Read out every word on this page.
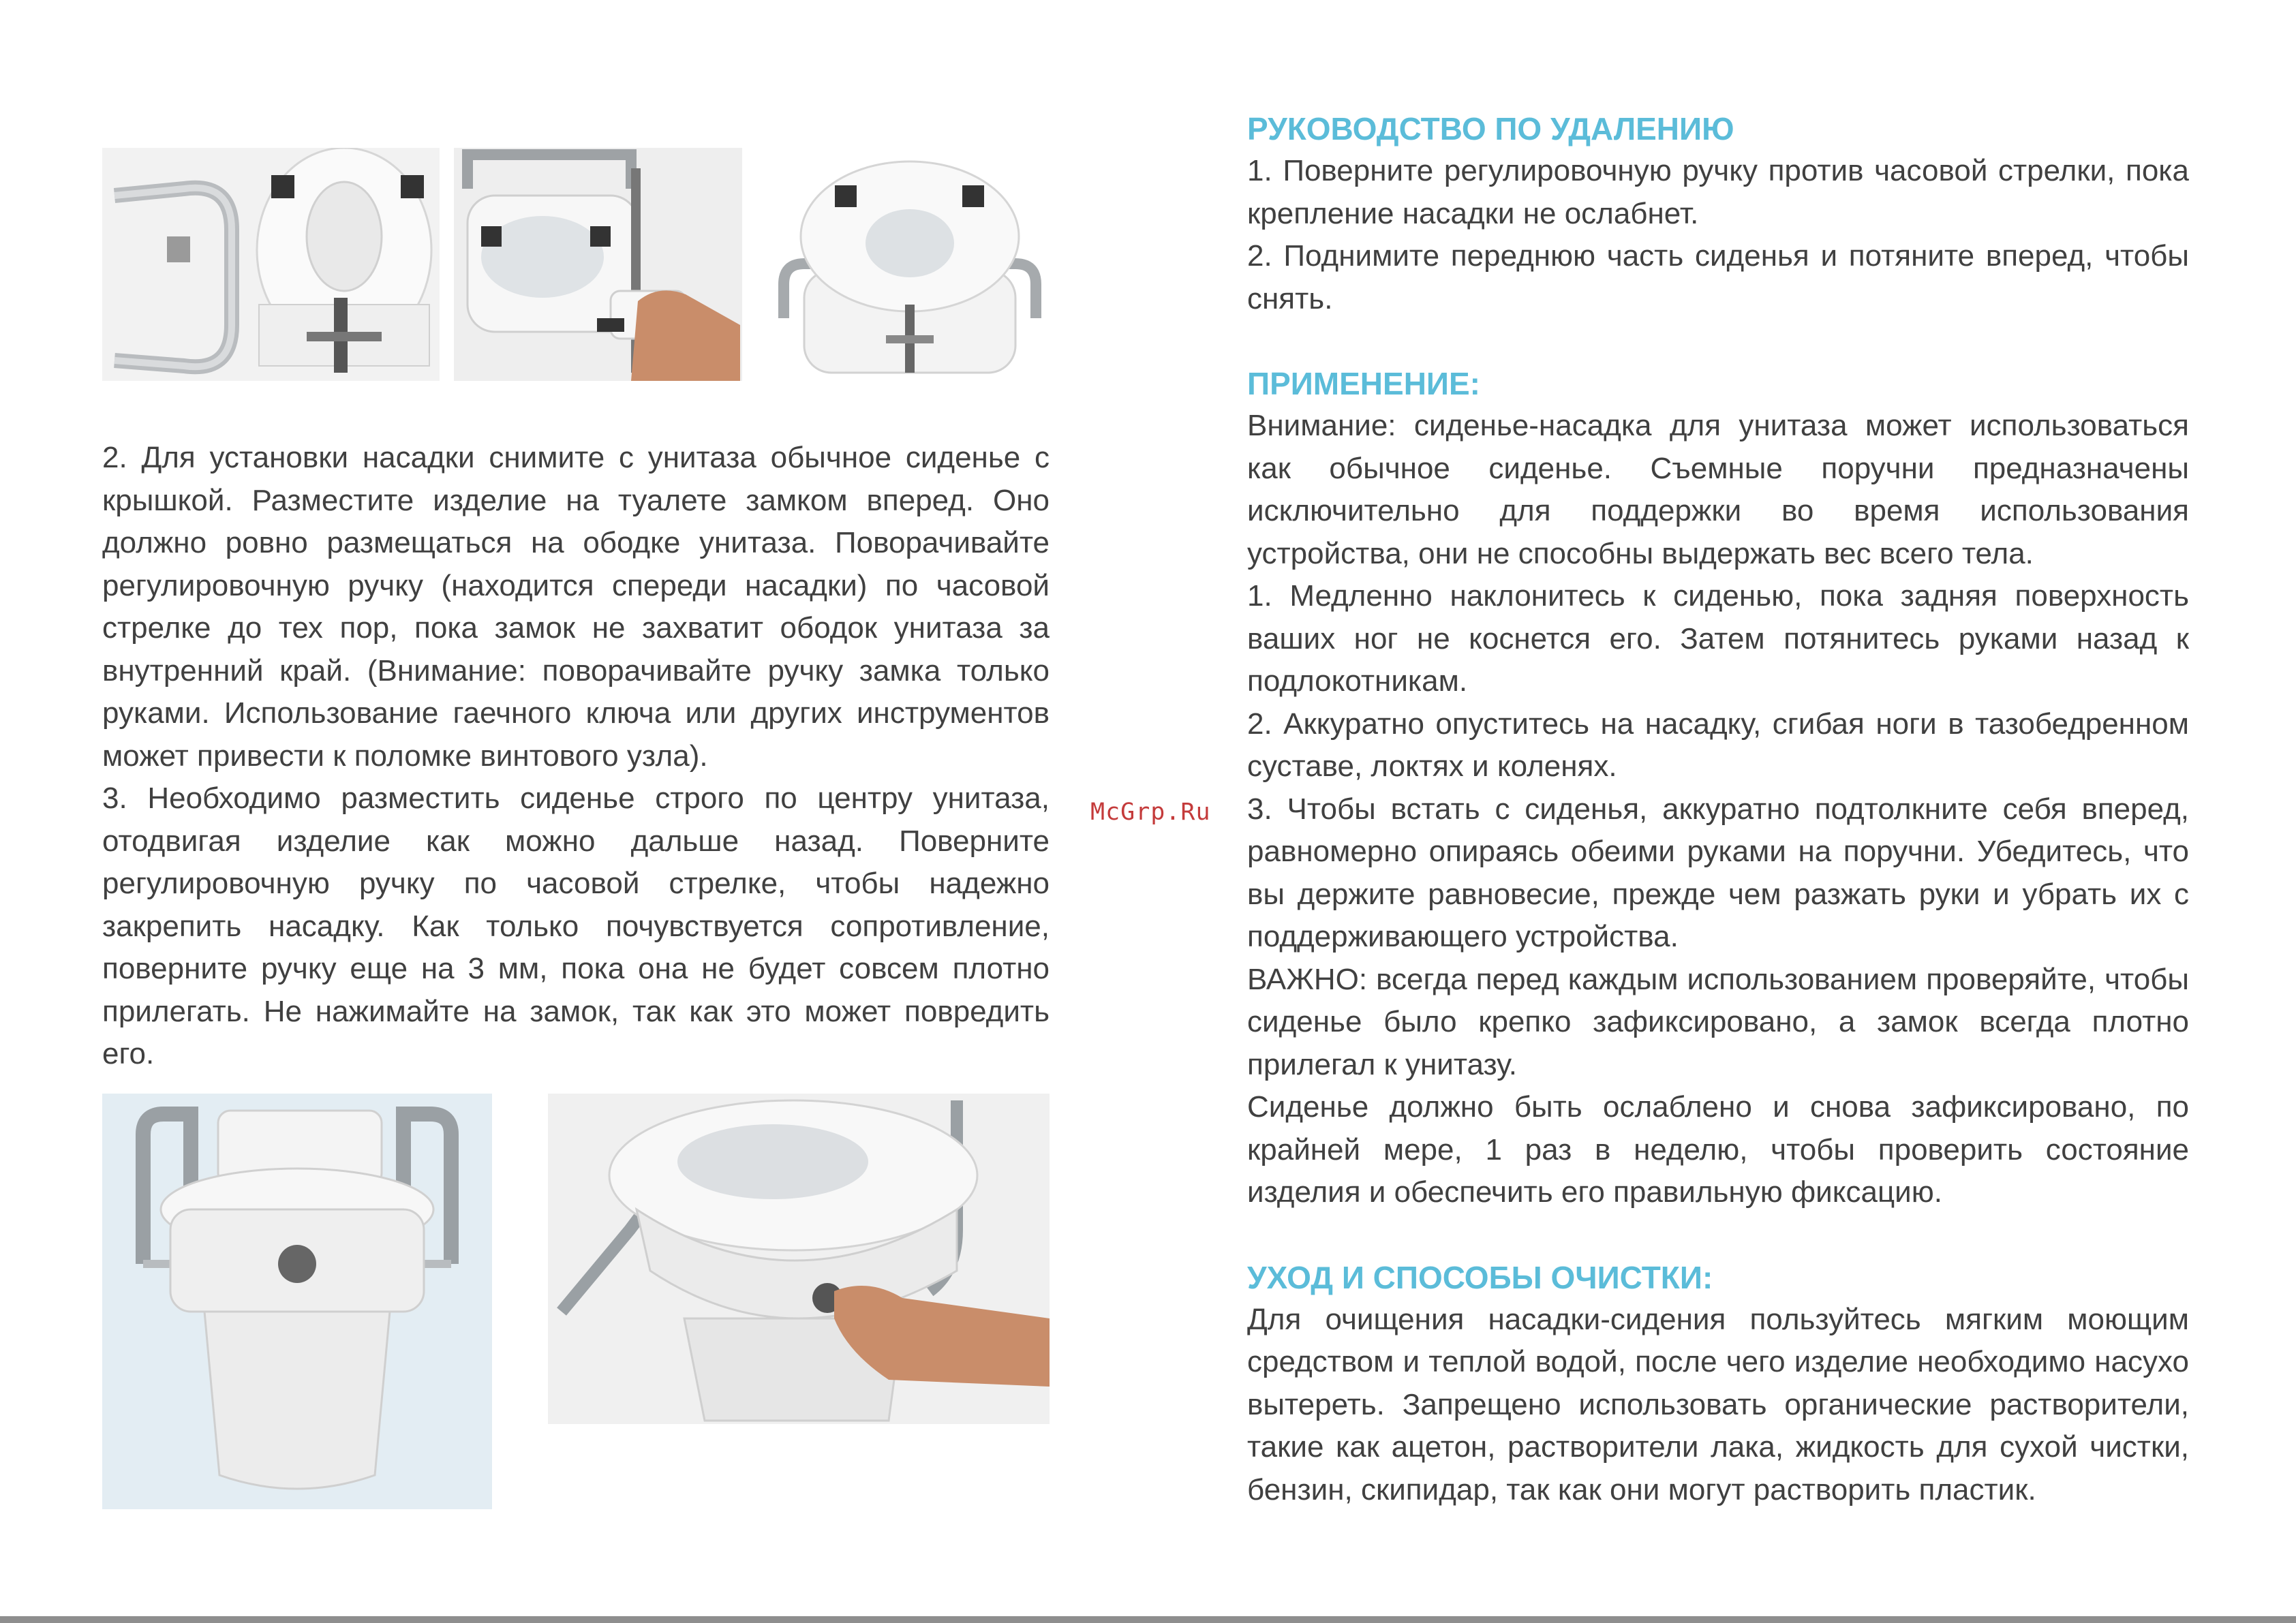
2. Для установки насадки снимите с унитаза обычное сиденье с крышкой. Разместите изделие на туалете замком вперед. Оно должно ровно размещаться на ободке унитаза. Поворачивайте регулировочную ручку (находится спереди насадки) по часовой стрелке до тех пор, пока замок не захватит ободок унитаза за внутренний край. (Внимание: поворачивайте ручку замка только руками. Использование гаечного ключа или других инструментов может привести к поломке винтового узла).

3. Необходимо разместить сиденье строго по центру унитаза, отодвигая изделие как можно дальше назад. Поверните регулировочную ручку по часовой стрелке, чтобы надежно закрепить насадку. Как только почувствуется сопротивление, поверните ручку еще на 3 мм, пока она не будет совсем плотно прилегать. Не нажимайте на замок, так как это может повредить его.

McGrp.Ru
РУКОВОДСТВО ПО УДАЛЕНИЮ

1. Поверните регулировочную ручку против часовой стрелки, пока крепление насадки не ослабнет.

2. Поднимите переднюю часть сиденья и потяните вперед, чтобы снять.

ПРИМЕНЕНИЕ:

Внимание: сиденье-насадка для унитаза может использоваться как обычное сиденье. Съемные поручни предназначены исключительно для поддержки во время использования устройства, они не способны выдержать вес всего тела.

1. Медленно наклонитесь к сиденью, пока задняя поверхность ваших ног не коснется его. Затем потянитесь руками назад к подлокотникам.

2. Аккуратно опуститесь на насадку, сгибая ноги в тазобедренном суставе, локтях и коленях.

3. Чтобы встать с сиденья, аккуратно подтолкните себя вперед, равномерно опираясь обеими руками на поручни. Убедитесь, что вы держите равновесие, прежде чем разжать руки и убрать их с поддерживающего устройства.

ВАЖНО: всегда перед каждым использованием проверяйте, чтобы сиденье было крепко зафиксировано, а замок всегда плотно прилегал к унитазу.

Сиденье должно быть ослаблено и снова зафиксировано, по крайней мере, 1 раз в неделю, чтобы проверить состояние изделия и обеспечить его правильную фиксацию.

УХОД И СПОСОБЫ ОЧИСТКИ:

Для очищения насадки-сидения пользуйтесь мягким моющим средством и теплой водой, после чего изделие необходимо насухо вытереть. Запрещено использовать органические растворители, такие как ацетон, растворители лака, жидкость для сухой чистки, бензин, скипидар, так как они могут растворить пластик.
